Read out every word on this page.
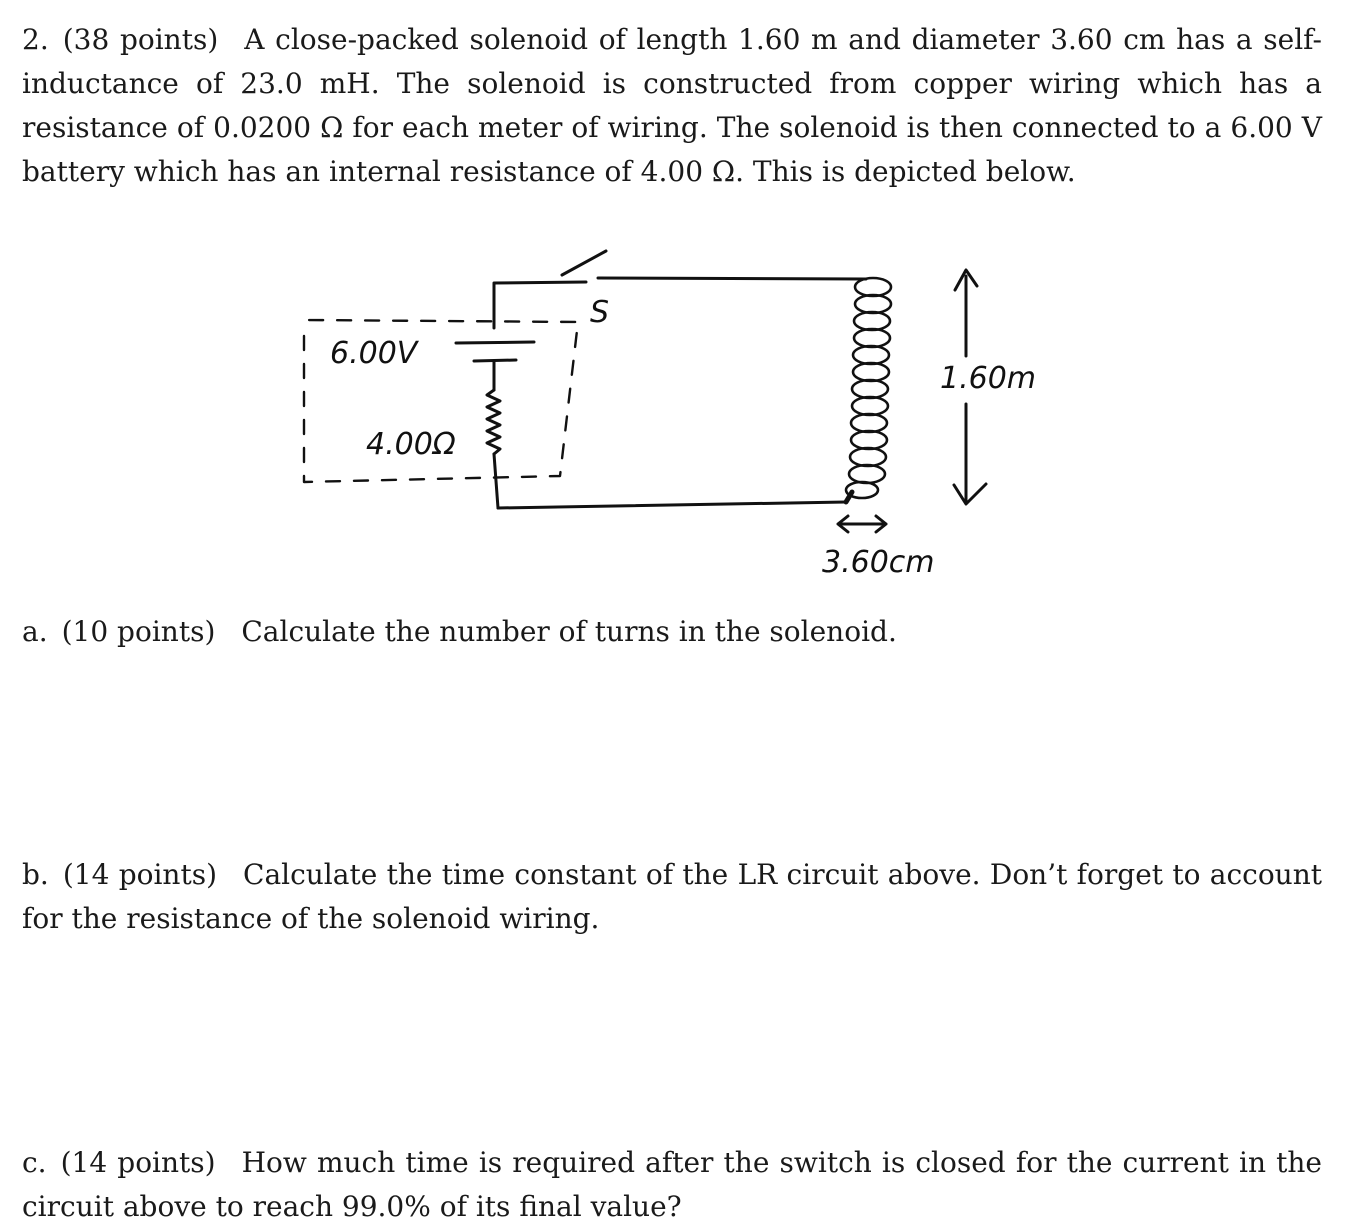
2. (38 points) A close-packed solenoid of length 1.60 m and diameter 3.60 cm has a self-inductance of 23.0 mH. The solenoid is constructed from copper wiring which has a resistance of 0.0200 Ω for each meter of wiring. The solenoid is then connected to a 6.00 V battery which has an internal resistance of 4.00 Ω. This is depicted below.

6.00V
4.00Ω
S
1.60m
3.60cm

a. (10 points) Calculate the number of turns in the solenoid.

b. (14 points) Calculate the time constant of the LR circuit above. Don’t forget to account for the resistance of the solenoid wiring.

c. (14 points) How much time is required after the switch is closed for the current in the circuit above to reach 99.0% of its final value?
